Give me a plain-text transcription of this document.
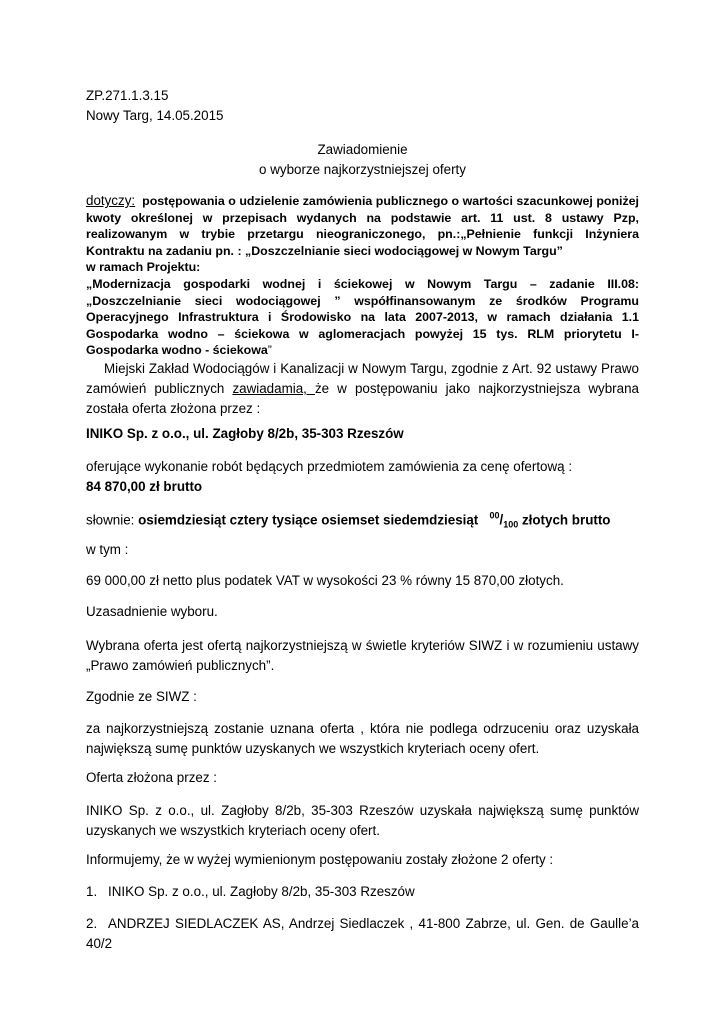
ZP.271.1.3.15
Nowy Targ, 14.05.2015
Zawiadomienie
o wyborze najkorzystniejszej oferty
dotyczy: postępowania o udzielenie zamówienia publicznego o wartości szacunkowej poniżej kwoty określonej w przepisach wydanych na podstawie art. 11 ust. 8 ustawy Pzp, realizowanym w trybie przetargu nieograniczonego, pn.:„Pełnienie funkcji Inżyniera Kontraktu na zadaniu pn. : „Doszczelnianie sieci wodociągowej w Nowym Targu”
w ramach Projektu:
„Modernizacja gospodarki wodnej i ściekowej w Nowym Targu – zadanie III.08:„Doszczelnianie sieci wodociągowej ” współfinansowanym ze środków Programu Operacyjnego Infrastruktura i Środowisko na lata 2007-2013, w ramach działania 1.1 Gospodarka wodno – ściekowa w aglomeracjach powyżej 15 tys. RLM priorytetu I- Gospodarka wodno - ściekowa”
Miejski Zakład Wodociągów i Kanalizacji w Nowym Targu, zgodnie z Art. 92 ustawy Prawo zamówień publicznych zawiadamia, że w postępowaniu jako najkorzystniejsza wybrana została oferta złożona przez :
INIKO Sp. z o.o., ul. Zagłoby 8/2b, 35-303 Rzeszów
oferujące wykonanie robót będących przedmiotem zamówienia za cenę ofertową :
84 870,00 zł brutto
słownie: osiemdziesiąt cztery tysiące osiemset siedemdziesiąt $^{00}/_{100}$ złotych brutto
w tym :
69 000,00 zł netto plus podatek VAT w wysokości 23 % równy 15 870,00 złotych.
Uzasadnienie wyboru.
Wybrana oferta jest ofertą najkorzystniejszą w świetle kryteriów SIWZ i w rozumieniu ustawy „Prawo zamówień publicznych”.
Zgodnie ze SIWZ :
za najkorzystniejszą zostanie uznana oferta , która nie podlega odrzuceniu oraz uzyskała największą sumę punktów uzyskanych we wszystkich kryteriach oceny ofert.
Oferta złożona przez :
INIKO Sp. z o.o., ul. Zagłoby 8/2b, 35-303 Rzeszów uzyskała największą sumę punktów uzyskanych we wszystkich kryteriach oceny ofert.
Informujemy, że w wyżej wymienionym postępowaniu zostały złożone 2 oferty :
1. INIKO Sp. z o.o., ul. Zagłoby 8/2b, 35-303 Rzeszów
2. ANDRZEJ SIEDLACZEK AS, Andrzej Siedlaczek , 41-800 Zabrze, ul. Gen. de Gaulle’a 40/2
